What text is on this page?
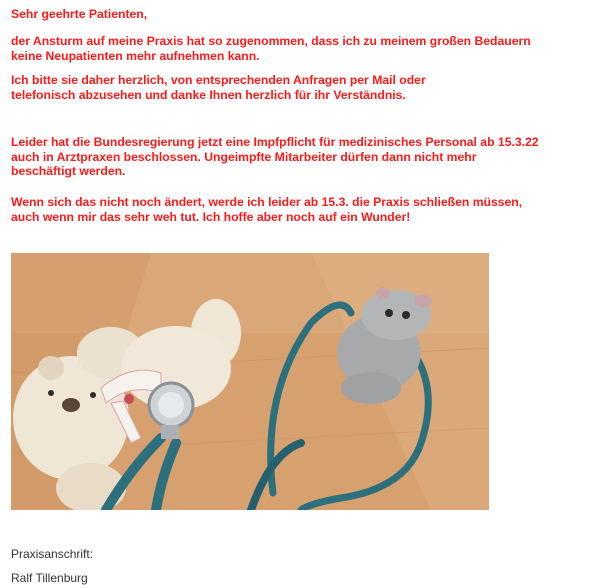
Sehr geehrte Patienten,

der Ansturm auf meine Praxis hat so zugenommen, dass ich zu meinem großen Bedauern
keine Neupatienten mehr aufnehmen kann.

Ich bitte sie daher herzlich, von entsprechenden Anfragen per Mail oder
telefonisch abzusehen und danke Ihnen herzlich für ihr Verständnis.

Leider hat die Bundesregierung jetzt eine Impfpflicht für medizinisches Personal ab 15.3.22
auch in Arztpraxen beschlossen. Ungeimpfte Mitarbeiter dürfen dann nicht mehr
beschäftigt werden.

Wenn sich das nicht noch ändert, werde ich leider ab 15.3. die Praxis schließen müssen,
auch wenn mir das sehr weh tut. Ich hoffe aber noch auf ein Wunder!

Praxisanschrift:
Ralf Tillenburg
